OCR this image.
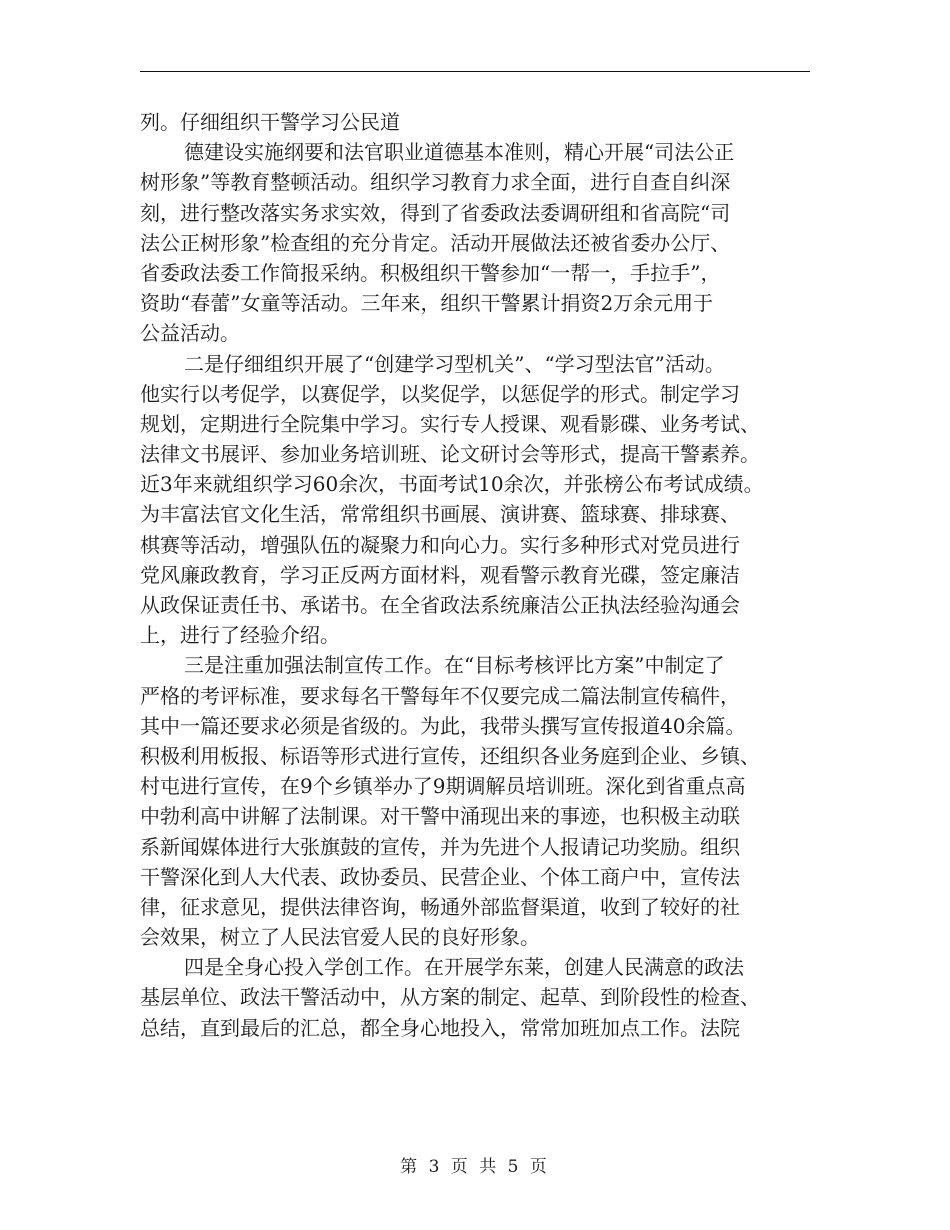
列。仔细组织干警学习公民道
德建设实施纲要和法官职业道德基本准则，精心开展“司法公正
树形象”等教育整顿活动。组织学习教育力求全面，进行自查自纠深
刻，进行整改落实务求实效，得到了省委政法委调研组和省高院“司
法公正树形象”检查组的充分肯定。活动开展做法还被省委办公厅、
省委政法委工作简报采纳。积极组织干警参加“一帮一，手拉手”，
资助“春蕾”女童等活动。三年来，组织干警累计捐资2万余元用于
公益活动。
二是仔细组织开展了“创建学习型机关”、“学习型法官”活动。
他实行以考促学，以赛促学，以奖促学，以惩促学的形式。制定学习
规划，定期进行全院集中学习。实行专人授课、观看影碟、业务考试、
法律文书展评、参加业务培训班、论文研讨会等形式，提高干警素养。
近3年来就组织学习60余次，书面考试10余次，并张榜公布考试成绩。
为丰富法官文化生活，常常组织书画展、演讲赛、篮球赛、排球赛、
棋赛等活动，增强队伍的凝聚力和向心力。实行多种形式对党员进行
党风廉政教育，学习正反两方面材料，观看警示教育光碟，签定廉洁
从政保证责任书、承诺书。在全省政法系统廉洁公正执法经验沟通会
上，进行了经验介绍。
三是注重加强法制宣传工作。在“目标考核评比方案”中制定了
严格的考评标准，要求每名干警每年不仅要完成二篇法制宣传稿件，
其中一篇还要求必须是省级的。为此，我带头撰写宣传报道40余篇。
积极利用板报、标语等形式进行宣传，还组织各业务庭到企业、乡镇、
村屯进行宣传，在9个乡镇举办了9期调解员培训班。深化到省重点高
中勃利高中讲解了法制课。对干警中涌现出来的事迹，也积极主动联
系新闻媒体进行大张旗鼓的宣传，并为先进个人报请记功奖励。组织
干警深化到人大代表、政协委员、民营企业、个体工商户中，宣传法
律，征求意见，提供法律咨询，畅通外部监督渠道，收到了较好的社
会效果，树立了人民法官爱人民的良好形象。
四是全身心投入学创工作。在开展学东莱，创建人民满意的政法
基层单位、政法干警活动中，从方案的制定、起草、到阶段性的检查、
总结，直到最后的汇总，都全身心地投入，常常加班加点工作。法院
第 3 页 共 5 页
